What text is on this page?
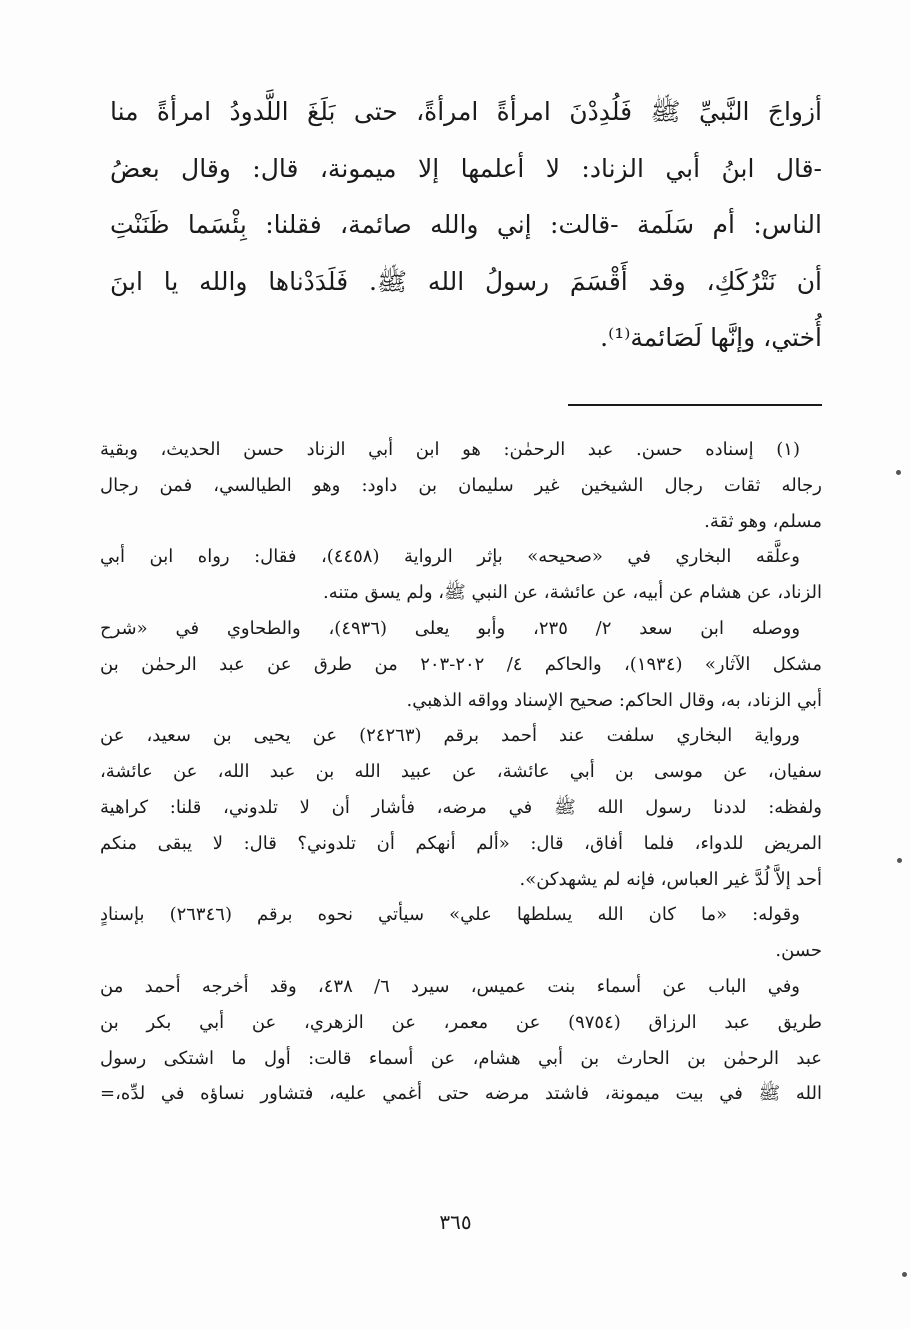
أزواجَ النَّبيِّ ﷺ فَلُدِدْنَ امرأةً امرأةً، حتى بَلَغَ اللَّدودُ امرأةً منا
-قال ابنُ أبي الزناد: لا أعلمها إلا ميمونة، قال: وقال بعضُ
الناس: أم سَلَمة -قالت: إني والله صائمة، فقلنا: بِئْسَما ظَنَنْتِ
أن نَتْرُكَكِ، وقد أَقْسَمَ رسولُ الله ﷺ. فَلَدَدْناها والله يا ابنَ
أُختي، وإنَّها لَصَائمة⁽¹⁾.
(١) إسناده حسن. عبد الرحمٰن: هو ابن أبي الزناد حسن الحديث، وبقية
رجاله ثقات رجال الشيخين غير سليمان بن داود: وهو الطيالسي، فمن رجال
مسلم، وهو ثقة.
وعلَّقه البخاري في «صحيحه» بإثر الرواية (٤٤٥٨)، فقال: رواه ابن أبي
الزناد، عن هشام عن أبيه، عن عائشة، عن النبي ﷺ، ولم يسق متنه.
ووصله ابن سعد ٢/ ٢٣٥، وأبو يعلى (٤٩٣٦)، والطحاوي في «شرح
مشكل الآثار» (١٩٣٤)، والحاكم ٤/ ٢٠٢-٢٠٣ من طرق عن عبد الرحمٰن بن
أبي الزناد، به، وقال الحاكم: صحيح الإسناد وواقه الذهبي.
ورواية البخاري سلفت عند أحمد برقم (٢٤٢٦٣) عن يحيى بن سعيد، عن
سفيان، عن موسى بن أبي عائشة، عن عبيد الله بن عبد الله، عن عائشة،
ولفظه: لددنا رسول الله ﷺ في مرضه، فأشار أن لا تلدوني، قلنا: كراهية
المريض للدواء، فلما أفاق، قال: «ألم أنهكم أن تلدوني؟ قال: لا يبقى منكم
أحد إلاَّ لُدَّ غير العباس، فإنه لم يشهدكن».
وقوله: «ما كان الله يسلطها علي» سيأتي نحوه برقم (٢٦٣٤٦) بإسنادٍ
حسن.
وفي الباب عن أسماء بنت عميس، سيرد ٦/ ٤٣٨، وقد أخرجه أحمد من
طريق عبد الرزاق (٩٧٥٤) عن معمر، عن الزهري، عن أبي بكر بن
عبد الرحمٰن بن الحارث بن أبي هشام، عن أسماء قالت: أول ما اشتكى رسول
الله ﷺ في بيت ميمونة، فاشتد مرضه حتى أغمي عليه، فتشاور نساؤه في لدِّه،=
٣٦٥
